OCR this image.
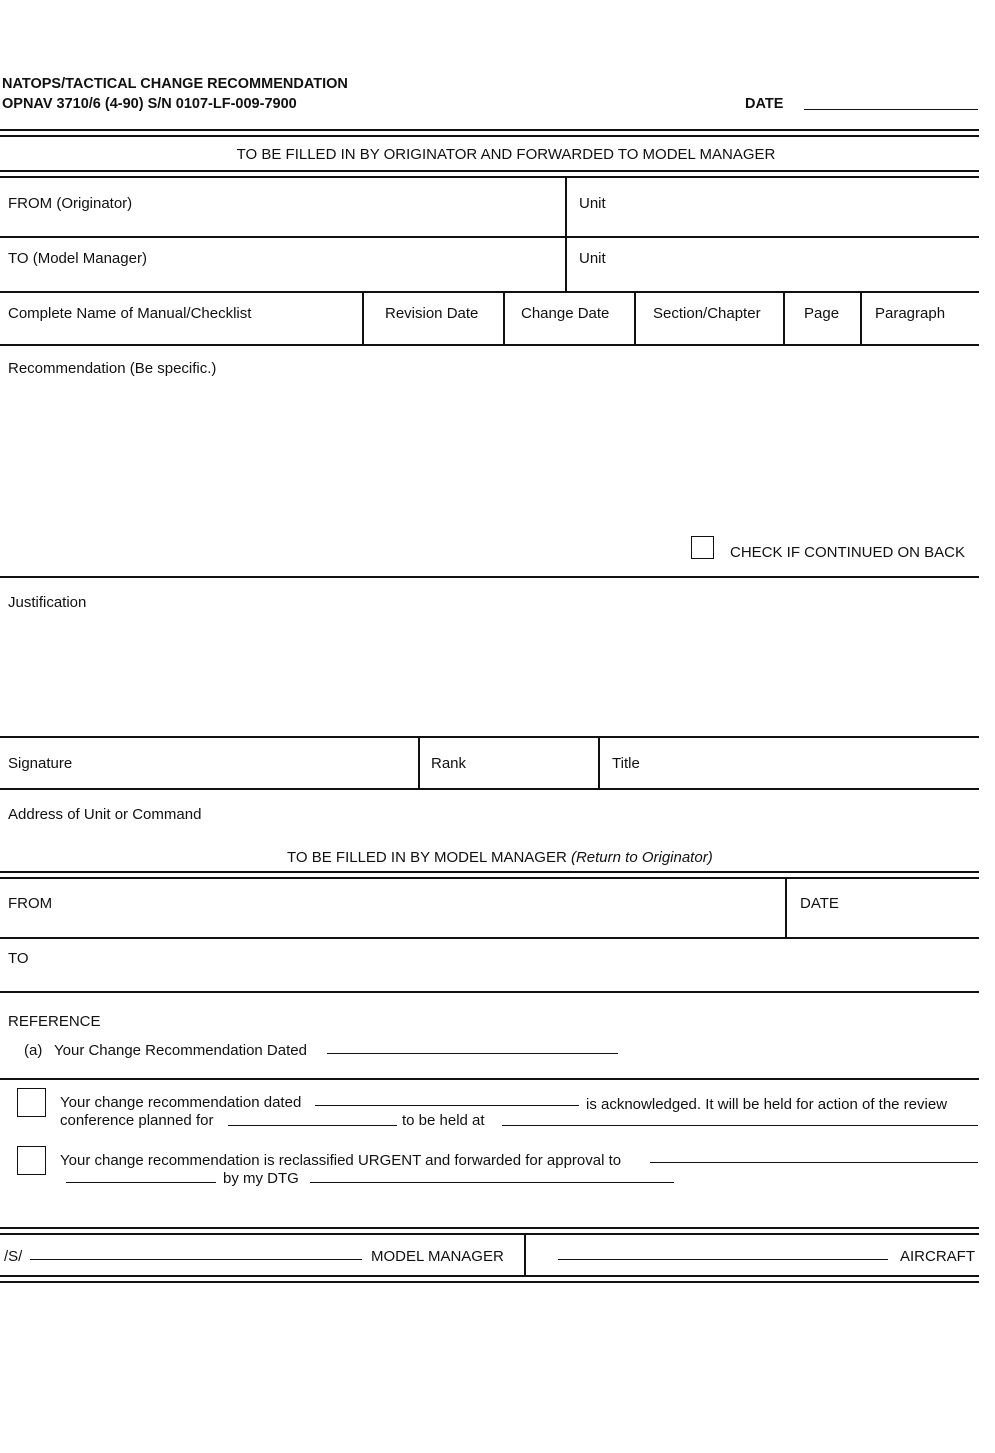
NATOPS/TACTICAL CHANGE RECOMMENDATION
OPNAV 3710/6 (4-90) S/N 0107-LF-009-7900	DATE
TO BE FILLED IN BY ORIGINATOR AND FORWARDED TO MODEL MANAGER
FROM (Originator)	Unit
TO (Model Manager)	Unit
Complete Name of Manual/Checklist	Revision Date	Change Date	Section/Chapter	Page Paragraph
Recommendation (Be specific.)
CHECK IF CONTINUED ON BACK
Justification
Signature	Rank	Title
Address of Unit or Command
TO BE FILLED IN BY MODEL MANAGER (Return to Originator)
FROM	DATE
TO
REFERENCE
(a) Your Change Recommendation Dated
Your change recommendation dated	is acknowledged. It will be held for action of the review
conference planned for	to be held at
Your change recommendation is reclassified URGENT and forwarded for approval to
by my DTG
/S/	MODEL MANAGER	AIRCRAFT
